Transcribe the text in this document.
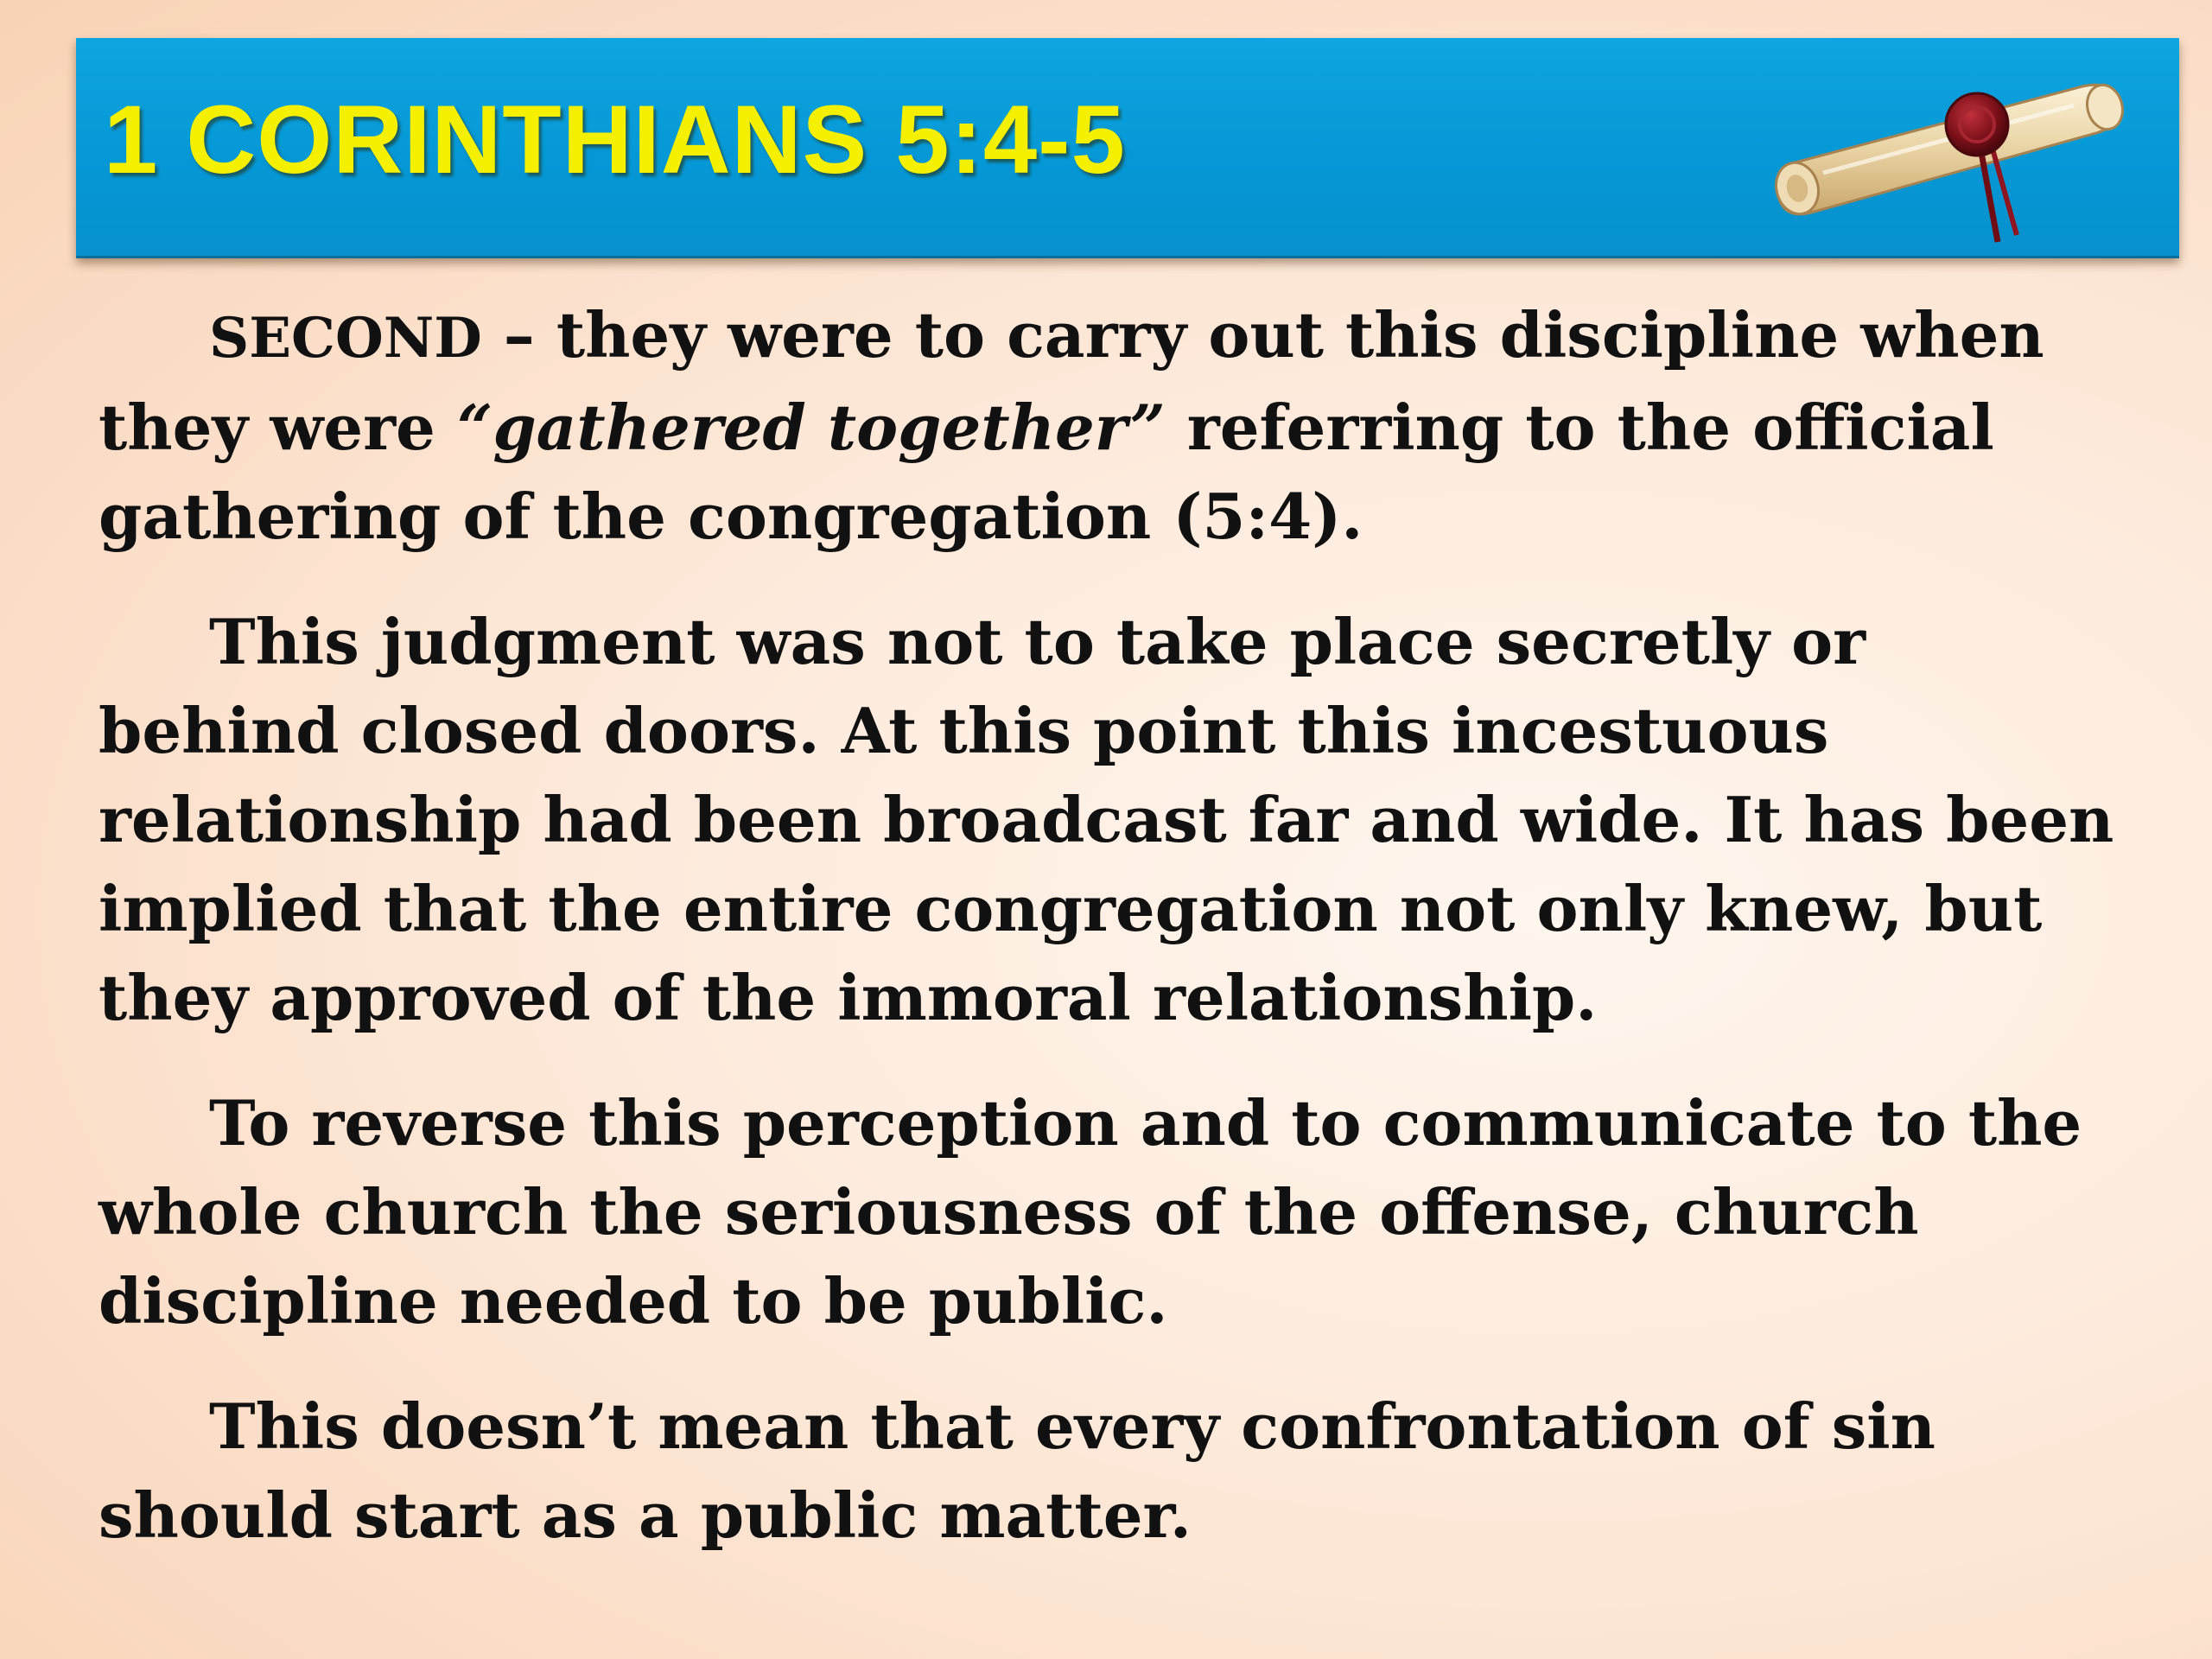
1 CORINTHIANS 5:4-5

SECOND – they were to carry out this discipline when they were “gathered together” referring to the official gathering of the congregation (5:4).

This judgment was not to take place secretly or behind closed doors. At this point this incestuous relationship had been broadcast far and wide. It has been implied that the entire congregation not only knew, but they approved of the immoral relationship.

To reverse this perception and to communicate to the whole church the seriousness of the offense, church discipline needed to be public.

This doesn’t mean that every confrontation of sin should start as a public matter.
